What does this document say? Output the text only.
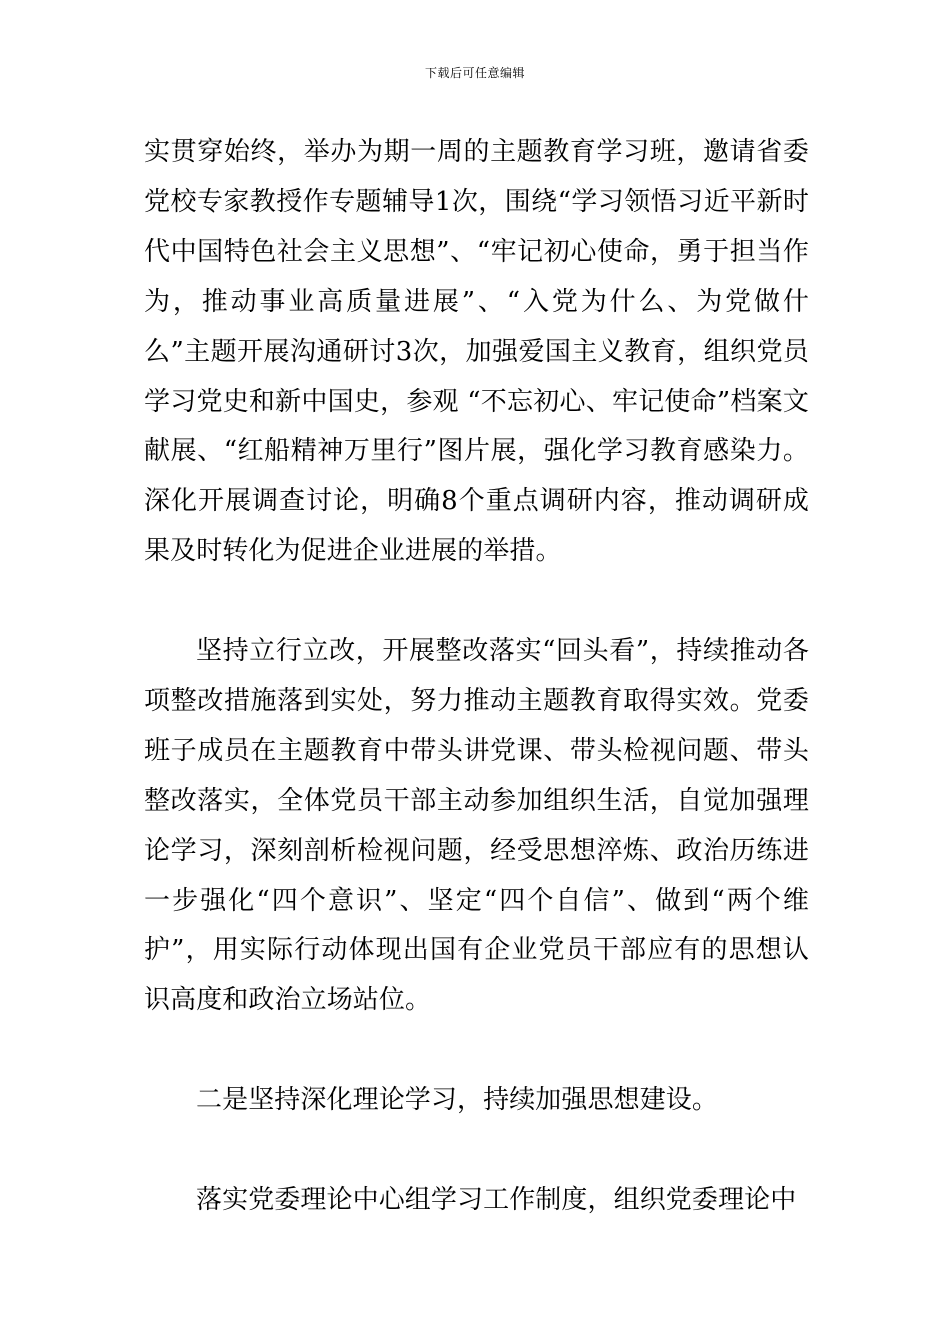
下载后可任意编辑

实贯穿始终，举办为期一周的主题教育学习班，邀请省委党校专家教授作专题辅导1次，围绕“学习领悟习近平新时代中国特色社会主义思想”、“牢记初心使命，勇于担当作为，推动事业高质量进展”、“入党为什么、为党做什么”主题开展沟通研讨3次，加强爱国主义教育，组织党员学习党史和新中国史，参观 “不忘初心、牢记使命”档案文献展、“红船精神万里行”图片展，强化学习教育感染力。深化开展调查讨论，明确8个重点调研内容，推动调研成果及时转化为促进企业进展的举措。

坚持立行立改，开展整改落实“回头看”，持续推动各项整改措施落到实处，努力推动主题教育取得实效。党委班子成员在主题教育中带头讲党课、带头检视问题、带头整改落实，全体党员干部主动参加组织生活，自觉加强理论学习，深刻剖析检视问题，经受思想淬炼、政治历练进一步强化“四个意识”、坚定“四个自信”、做到“两个维护”，用实际行动体现出国有企业党员干部应有的思想认识高度和政治立场站位。

二是坚持深化理论学习，持续加强思想建设。

落实党委理论中心组学习工作制度，组织党委理论中
